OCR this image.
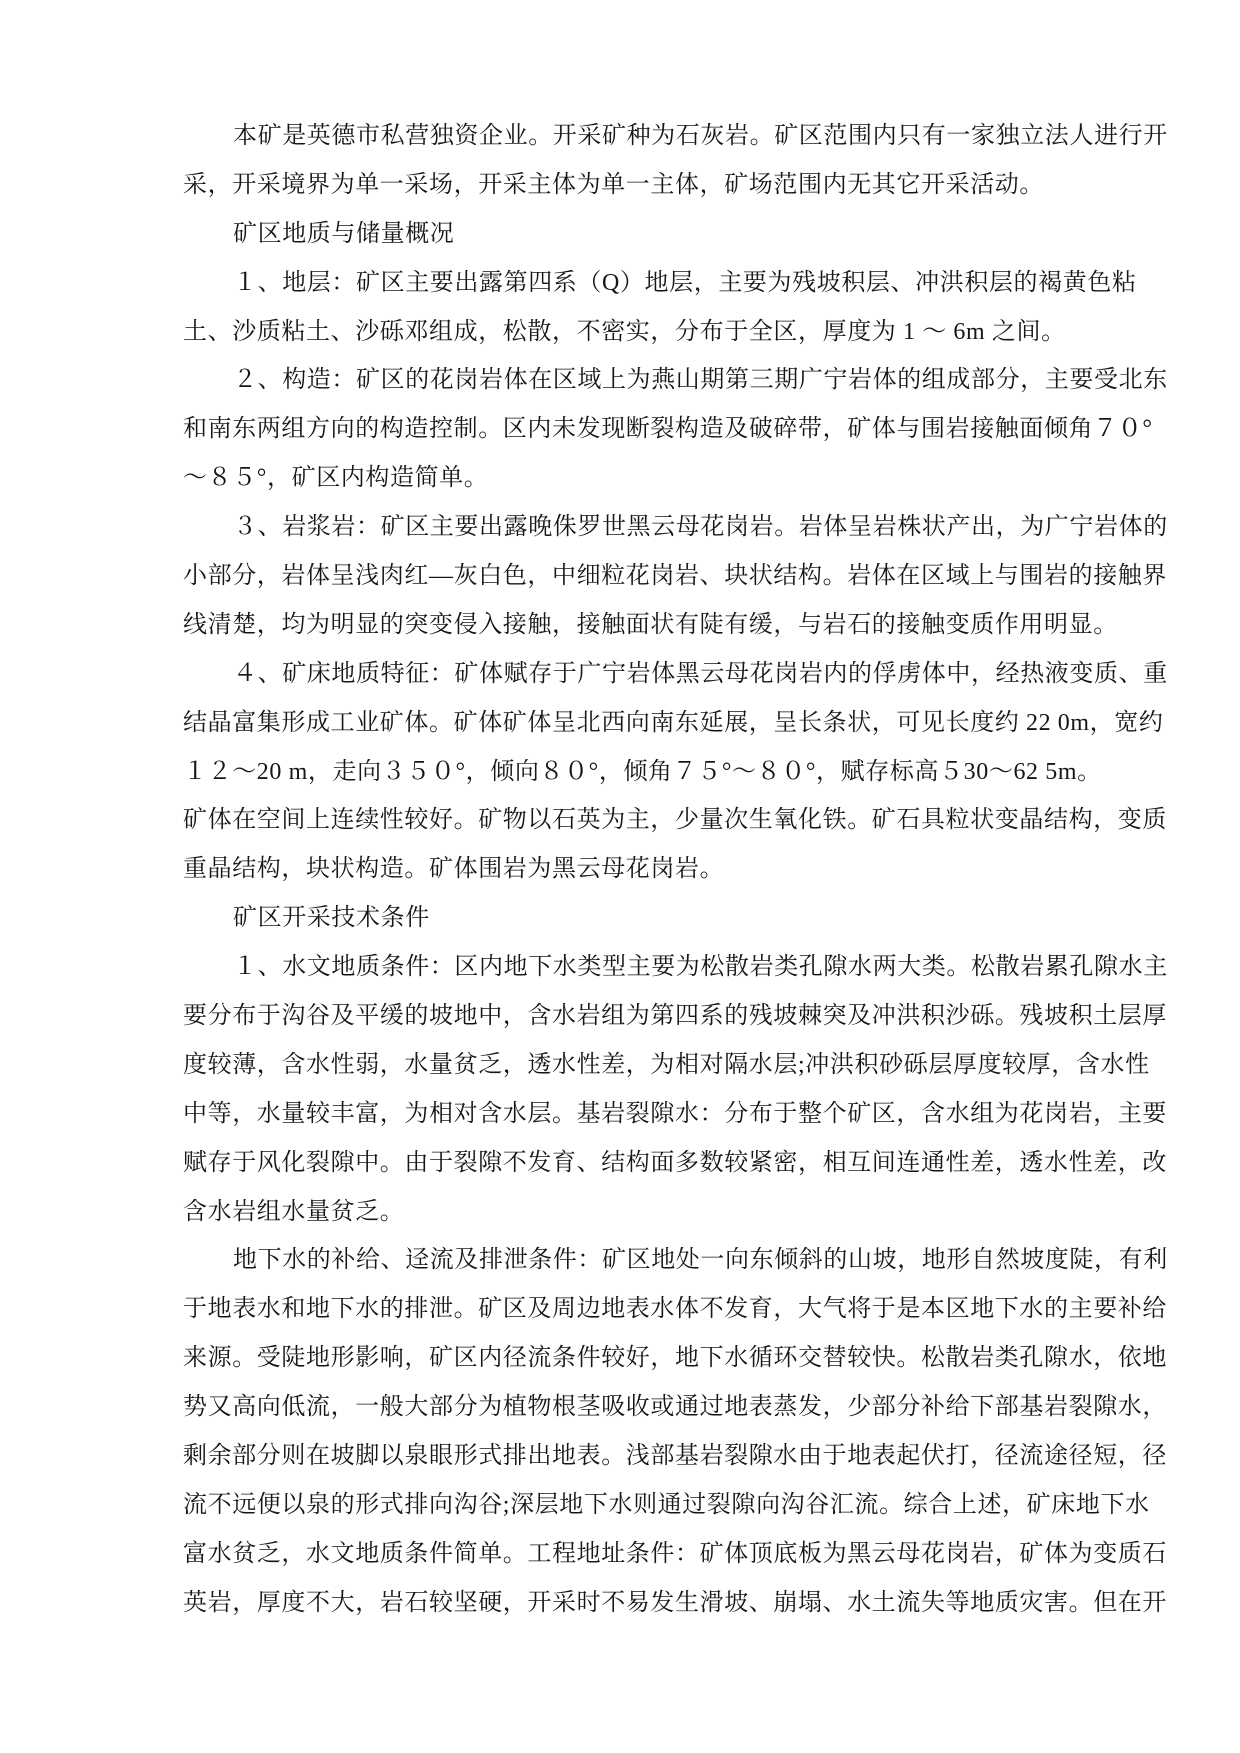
本矿是英德市私营独资企业。开采矿种为石灰岩。矿区范围内只有一家独立法人进行开
采，开采境界为单一采场，开采主体为单一主体，矿场范围内无其它开采活动。
矿区地质与储量概况
１、地层：矿区主要出露第四系（Q）地层，主要为残坡积层、冲洪积层的褐黄色粘
土、沙质粘土、沙砾邓组成，松散，不密实，分布于全区，厚度为 1 ～ 6m 之间。
２、构造：矿区的花岗岩体在区域上为燕山期第三期广宁岩体的组成部分，主要受北东
和南东两组方向的构造控制。区内未发现断裂构造及破碎带，矿体与围岩接触面倾角７０°
～８５°，矿区内构造简单。
３、岩浆岩：矿区主要出露晚侏罗世黑云母花岗岩。岩体呈岩株状产出，为广宁岩体的
小部分，岩体呈浅肉红—灰白色，中细粒花岗岩、块状结构。岩体在区域上与围岩的接触界
线清楚，均为明显的突变侵入接触，接触面状有陡有缓，与岩石的接触变质作用明显。
４、矿床地质特征：矿体赋存于广宁岩体黑云母花岗岩内的俘虏体中，经热液变质、重
结晶富集形成工业矿体。矿体矿体呈北西向南东延展，呈长条状，可见长度约 22 0m，宽约
１２～20 m，走向３５０°，倾向８０°，倾角７５°～８０°，赋存标高５30～62 5m。
矿体在空间上连续性较好。矿物以石英为主，少量次生氧化铁。矿石具粒状变晶结构，变质
重晶结构，块状构造。矿体围岩为黑云母花岗岩。
矿区开采技术条件
１、水文地质条件：区内地下水类型主要为松散岩类孔隙水两大类。松散岩累孔隙水主
要分布于沟谷及平缓的坡地中，含水岩组为第四系的残坡棘突及冲洪积沙砾。残坡积土层厚
度较薄，含水性弱，水量贫乏，透水性差，为相对隔水层;冲洪积砂砾层厚度较厚，含水性
中等，水量较丰富，为相对含水层。基岩裂隙水：分布于整个矿区，含水组为花岗岩，主要
赋存于风化裂隙中。由于裂隙不发育、结构面多数较紧密，相互间连通性差，透水性差，改
含水岩组水量贫乏。
地下水的补给、迳流及排泄条件：矿区地处一向东倾斜的山坡，地形自然坡度陡，有利
于地表水和地下水的排泄。矿区及周边地表水体不发育，大气将于是本区地下水的主要补给
来源。受陡地形影响，矿区内径流条件较好，地下水循环交替较快。松散岩类孔隙水，依地
势又高向低流，一般大部分为植物根茎吸收或通过地表蒸发，少部分补给下部基岩裂隙水，
剩余部分则在坡脚以泉眼形式排出地表。浅部基岩裂隙水由于地表起伏打，径流途径短，径
流不远便以泉的形式排向沟谷;深层地下水则通过裂隙向沟谷汇流。综合上述，矿床地下水
富水贫乏，水文地质条件简单。工程地址条件：矿体顶底板为黑云母花岗岩，矿体为变质石
英岩，厚度不大，岩石较坚硬，开采时不易发生滑坡、崩塌、水土流失等地质灾害。但在开
